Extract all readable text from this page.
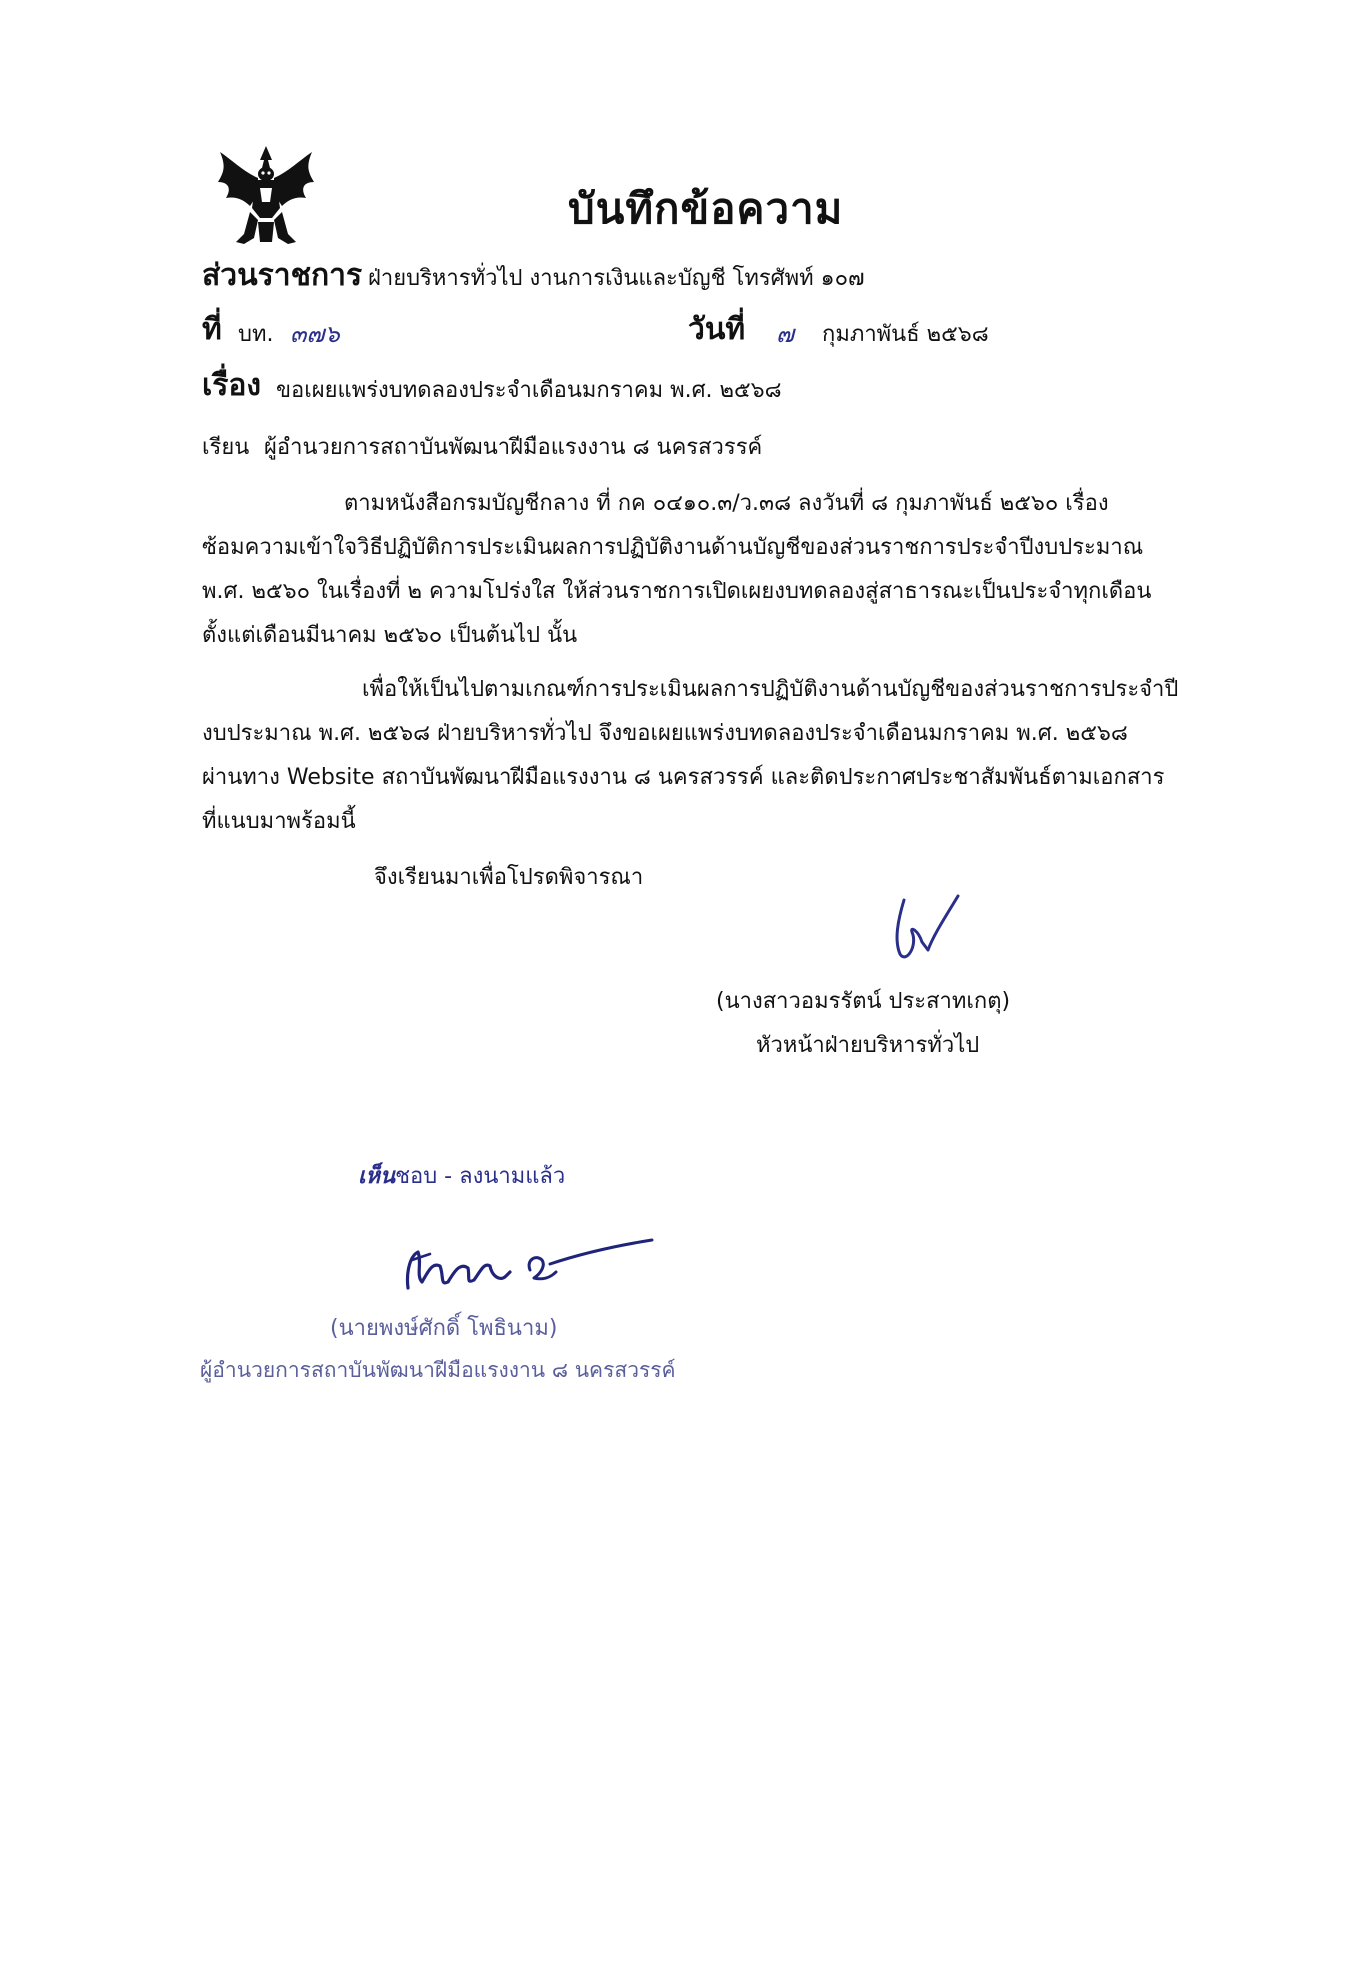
บันทึกข้อความ
ส่วนราชการ ฝ่ายบริหารทั่วไป งานการเงินและบัญชี โทรศัพท์ ๑๐๗
ที่ บท. ๓๗๖	วันที่ ๗ กุมภาพันธ์ ๒๕๖๘
เรื่อง ขอเผยแพร่งบทดลองประจำเดือนมกราคม พ.ศ. ๒๕๖๘
เรียน ผู้อำนวยการสถาบันพัฒนาฝีมือแรงงาน ๘ นครสวรรค์
ตามหนังสือกรมบัญชีกลาง ที่ กค ๐๔๑๐.๓/ว.๓๘ ลงวันที่ ๘ กุมภาพันธ์ ๒๕๖๐ เรื่อง
ซ้อมความเข้าใจวิธีปฏิบัติการประเมินผลการปฏิบัติงานด้านบัญชีของส่วนราชการประจำปีงบประมาณ
พ.ศ. ๒๕๖๐ ในเรื่องที่ ๒ ความโปร่งใส ให้ส่วนราชการเปิดเผยงบทดลองสู่สาธารณะเป็นประจำทุกเดือน
ตั้งแต่เดือนมีนาคม ๒๕๖๐ เป็นต้นไป นั้น
เพื่อให้เป็นไปตามเกณฑ์การประเมินผลการปฏิบัติงานด้านบัญชีของส่วนราชการประจำปี
งบประมาณ พ.ศ. ๒๕๖๘ ฝ่ายบริหารทั่วไป จึงขอเผยแพร่งบทดลองประจำเดือนมกราคม พ.ศ. ๒๕๖๘
ผ่านทาง Website สถาบันพัฒนาฝีมือแรงงาน ๘ นครสวรรค์ และติดประกาศประชาสัมพันธ์ตามเอกสาร
ที่แนบมาพร้อมนี้
จึงเรียนมาเพื่อโปรดพิจารณา
(นางสาวอมรรัตน์ ประสาทเกตุ)
หัวหน้าฝ่ายบริหารทั่วไป
เห็นชอบ - ลงนามแล้ว
(นายพงษ์ศักดิ์ โพธินาม)
ผู้อำนวยการสถาบันพัฒนาฝีมือแรงงาน ๘ นครสวรรค์
